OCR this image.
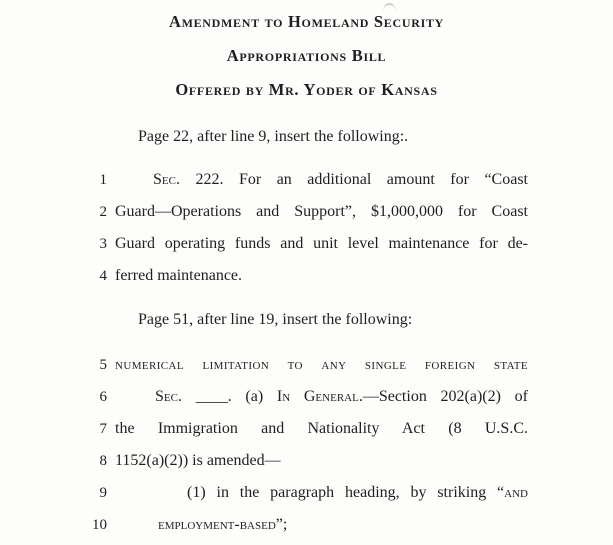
Amendment to Homeland Security
Appropriations Bill
Offered by Mr. Yoder of Kansas

Page 22, after line 9, insert the following:.

1	Sec. 222. For an additional amount for “Coast
2 Guard—Operations and Support”, $1,000,000 for Coast
3 Guard operating funds and unit level maintenance for de-
4 ferred maintenance.

Page 51, after line 19, insert the following:

5 numerical limitation to any single foreign state
6	Sec. ____. (a) In General.—Section 202(a)(2) of
7 the Immigration and Nationality Act (8 U.S.C.
8 1152(a)(2)) is amended—
9	(1) in the paragraph heading, by striking “and
10	employment-based”;
